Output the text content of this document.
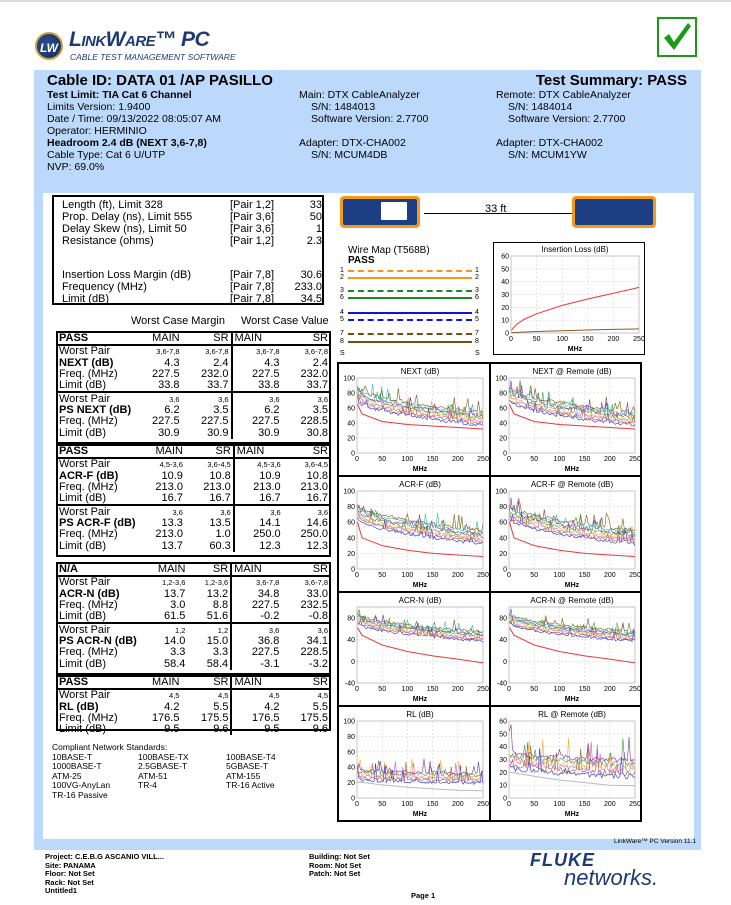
LW LinkWare™ PC
CABLE TEST MANAGEMENT SOFTWARE
Cable ID: DATA 01 /AP PASILLO	Test Summary: PASS
Test Limit: TIA Cat 6 Channel
Limits Version: 1.9400
Date / Time: 09/13/2022 08:05:07 AM
Operator: HERMINIO
Headroom 2.4 dB (NEXT 3,6-7,8)
Cable Type: Cat 6 U/UTP
NVP: 69.0%
Main: DTX CableAnalyzer
S/N: 1484013
Software Version: 2.7700
Adapter: DTX-CHA002
S/N: MCUM4DB
Remote: DTX CableAnalyzer
S/N: 1484014
Software Version: 2.7700
Adapter: DTX-CHA002
S/N: MCUM1YW
Length (ft), Limit 328	[Pair 1,2]	33
Prop. Delay (ns), Limit 555	[Pair 3,6]	50
Delay Skew (ns), Limit 50	[Pair 3,6]	1
Resistance (ohms)	[Pair 1,2]	2.3
Insertion Loss Margin (dB)	[Pair 7,8] 30.6
Frequency (MHz)	[Pair 7,8] 233.0
Limit (dB)	[Pair 7,8] 34.5
Worst Case Margin Worst Case Value
PASS	MAIN	SR	MAIN	SR
Worst Pair	3,6-7,8	3,6-7,8	3,6-7,8	3,6-7,8
NEXT (dB)	4.3	2.4	4.3	2.4
Freq. (MHz)	227.5	232.0	227.5	232.0
Limit (dB)	33.8	33.7	33.8	33.7
Worst Pair	3,6	3,6	3,6	3,6
PS NEXT (dB)	6.2	3.5	6.2	3.5
Freq. (MHz)	227.5	227.5	227.5	228.5
Limit (dB)	30.9	30.9	30.9	30.8
PASS	MAIN	SR	MAIN	SR
Worst Pair	4,5-3,6	3,6-4,5	4,5-3,6	3,6-4,5
ACR-F (dB)	10.9	10.8	10.9	10.8
Freq. (MHz)	213.0	213.0	213.0	213.0
Limit (dB)	16.7	16.7	16.7	16.7
Worst Pair	3,6	3,6	3,6	3,6
PS ACR-F (dB)	13.3	13.5	14.1	14.6
Freq. (MHz)	213.0	1.0	250.0	250.0
Limit (dB)	13.7	60.3	12.3	12.3
N/A	MAIN	SR	MAIN	SR
Worst Pair	1,2-3,6	1,2-3,6	3,6-7,8	3,6-7,8
ACR-N (dB)	13.7	13.2	34.8	33.0
Freq. (MHz)	3.0	8.8	227.5	232.5
Limit (dB)	61.5	51.6	-0.2	-0.8
Worst Pair	1,2	1,2	3,6	3,6
PS ACR-N (dB)	14.0	15.0	36.8	34.1
Freq. (MHz)	3.3	3.3	227.5	228.5
Limit (dB)	58.4	58.4	-3.1	-3.2
PASS	MAIN	SR	MAIN	SR
Worst Pair	4,5	4,5	4,5	4,5
RL (dB)	4.2	5.5	4.2	5.5
Freq. (MHz)	176.5	175.5	176.5	175.5
Limit (dB)	9.5	9.6	9.5	9.6
Compliant Network Standards:
10BASE-T	100BASE-TX	100BASE-T4
1000BASE-T	2.5GBASE-T	5GBASE-T
ATM-25	ATM-51	ATM-155
100VG-AnyLan	TR-4	TR-16 Active
TR-16 Passive
33 ft
Wire Map (T568B)
PASS
1	1
2	2
3	3
6	6
4	4
5	5
7	7
8	8
S	S
Insertion Loss (dB)
0	50 100 150 200 250
0
10
20
30
40
50
60
MHz
NEXT (dB)
0	50 100 150 200 250
0
20
40
60
80
100
MHz
NEXT @ Remote (dB)
0	50 100 150 200 250
0
20
40
60
80
100
MHz
ACR-F (dB)
0	50 100 150 200 250
0
20
40
60
80
100
MHz
ACR-F @ Remote (dB)
0	50 100 150 200 250
0
20
40
60
80
100
MHz
ACR-N (dB)
0	50 100 150 200 250
-40
0
40
80
MHz
ACR-N @ Remote (dB)
0	50 100 150 200 250
-40
0
40
80
MHz
RL (dB)
0	50 100 150 200 250
0
20
40
60
80
100
MHz
RL @ Remote (dB)
0	50 100 150 200 250
0
10
20
30
40
50
60
MHz
LinkWare™ PC Version 11.1
Project: C.E.B.G ASCANIO VILL...
Site: PANAMA
Floor: Not Set
Rack: Not Set
Untitled1
Building: Not Set
Room: Not Set
Patch: Not Set
Page 1
FLUKE
networks.
